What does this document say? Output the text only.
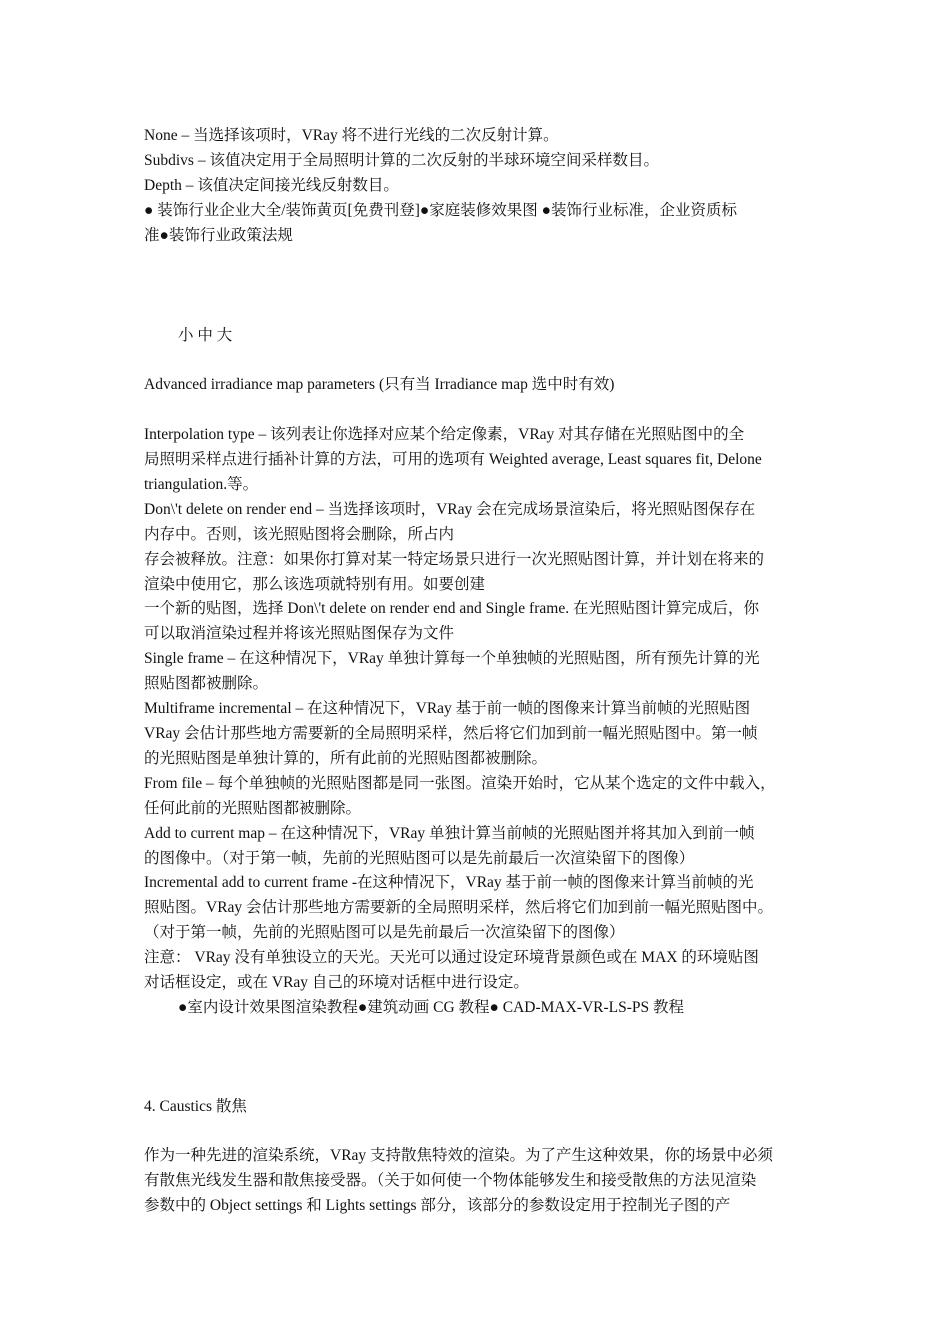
None – 当选择该项时，VRay 将不进行光线的二次反射计算。
Subdivs – 该值决定用于全局照明计算的二次反射的半球环境空间采样数目。
Depth – 该值决定间接光线反射数目。
● 装饰行业企业大全/装饰黄页[免费刊登]●家庭装修效果图 ●装饰行业标准，企业资质标
准●装饰行业政策法规
小 中 大
Advanced irradiance map parameters (只有当 Irradiance map 选中时有效)
Interpolation type – 该列表让你选择对应某个给定像素，VRay 对其存储在光照贴图中的全
局照明采样点进行插补计算的方法，可用的选项有 Weighted average, Least squares fit, Delone
triangulation.等。
Don\'t delete on render end – 当选择该项时，VRay 会在完成场景渲染后，将光照贴图保存在
内存中。否则，该光照贴图将会删除，所占内
存会被释放。注意：如果你打算对某一特定场景只进行一次光照贴图计算，并计划在将来的
渲染中使用它，那么该选项就特别有用。如要创建
一个新的贴图，选择 Don\'t delete on render end and Single frame. 在光照贴图计算完成后，你
可以取消渲染过程并将该光照贴图保存为文件
Single frame – 在这种情况下，VRay 单独计算每一个单独帧的光照贴图，所有预先计算的光
照贴图都被删除。
Multiframe incremental – 在这种情况下，VRay 基于前一帧的图像来计算当前帧的光照贴图
VRay 会估计那些地方需要新的全局照明采样，然后将它们加到前一幅光照贴图中。第一帧
的光照贴图是单独计算的，所有此前的光照贴图都被删除。
From file – 每个单独帧的光照贴图都是同一张图。渲染开始时，它从某个选定的文件中载入，
任何此前的光照贴图都被删除。
Add to current map – 在这种情况下，VRay 单独计算当前帧的光照贴图并将其加入到前一帧
的图像中。（对于第一帧，先前的光照贴图可以是先前最后一次渲染留下的图像）
Incremental add to current frame -在这种情况下，VRay 基于前一帧的图像来计算当前帧的光
照贴图。VRay 会估计那些地方需要新的全局照明采样，然后将它们加到前一幅光照贴图中。
（对于第一帧，先前的光照贴图可以是先前最后一次渲染留下的图像）
注意： VRay 没有单独设立的天光。天光可以通过设定环境背景颜色或在 MAX 的环境贴图
对话框设定，或在 VRay 自己的环境对话框中进行设定。
●室内设计效果图渲染教程●建筑动画 CG 教程● CAD-MAX-VR-LS-PS 教程
4. Caustics 散焦
作为一种先进的渲染系统，VRay 支持散焦特效的渲染。为了产生这种效果，你的场景中必须
有散焦光线发生器和散焦接受器。（关于如何使一个物体能够发生和接受散焦的方法见渲染
参数中的 Object settings 和 Lights settings 部分，该部分的参数设定用于控制光子图的产
